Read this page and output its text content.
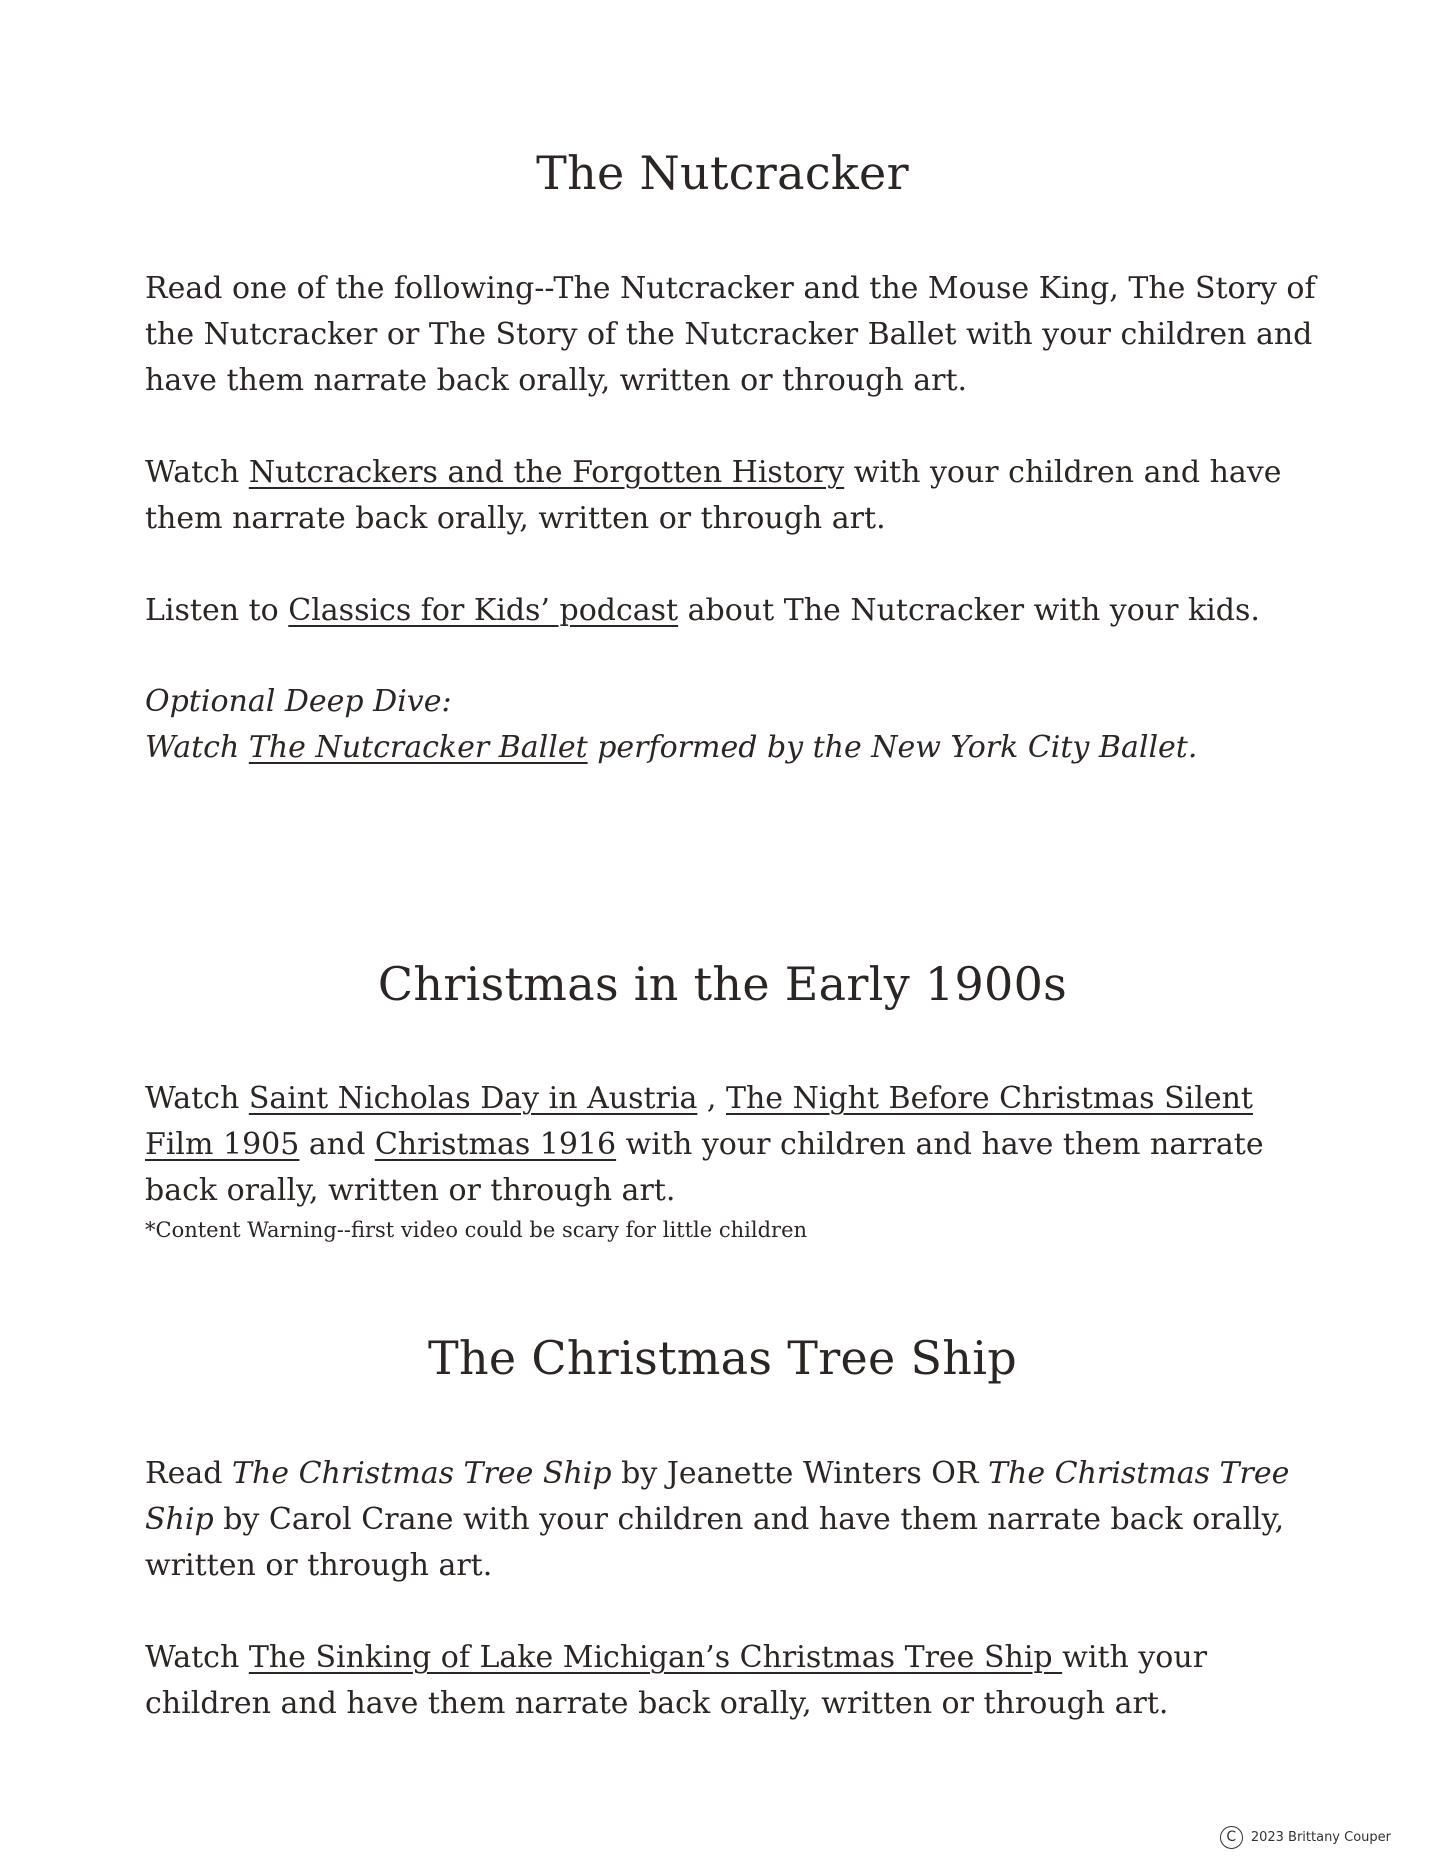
The Nutcracker

Read one of the following--The Nutcracker and the Mouse King, The Story of the Nutcracker or The Story of the Nutcracker Ballet with your children and have them narrate back orally, written or through art.

Watch Nutcrackers and the Forgotten History with your children and have them narrate back orally, written or through art.

Listen to Classics for Kids’ podcast about The Nutcracker with your kids.

Optional Deep Dive:
Watch The Nutcracker Ballet performed by the New York City Ballet.

Christmas in the Early 1900s

Watch Saint Nicholas Day in Austria , The Night Before Christmas Silent Film 1905 and Christmas 1916 with your children and have them narrate back orally, written or through art.

*Content Warning--first video could be scary for little children

The Christmas Tree Ship

Read The Christmas Tree Ship by Jeanette Winters OR The Christmas Tree Ship by Carol Crane with your children and have them narrate back orally, written or through art.

Watch The Sinking of Lake Michigan’s Christmas Tree Ship with your children and have them narrate back orally, written or through art.

C	2023 Brittany Couper
